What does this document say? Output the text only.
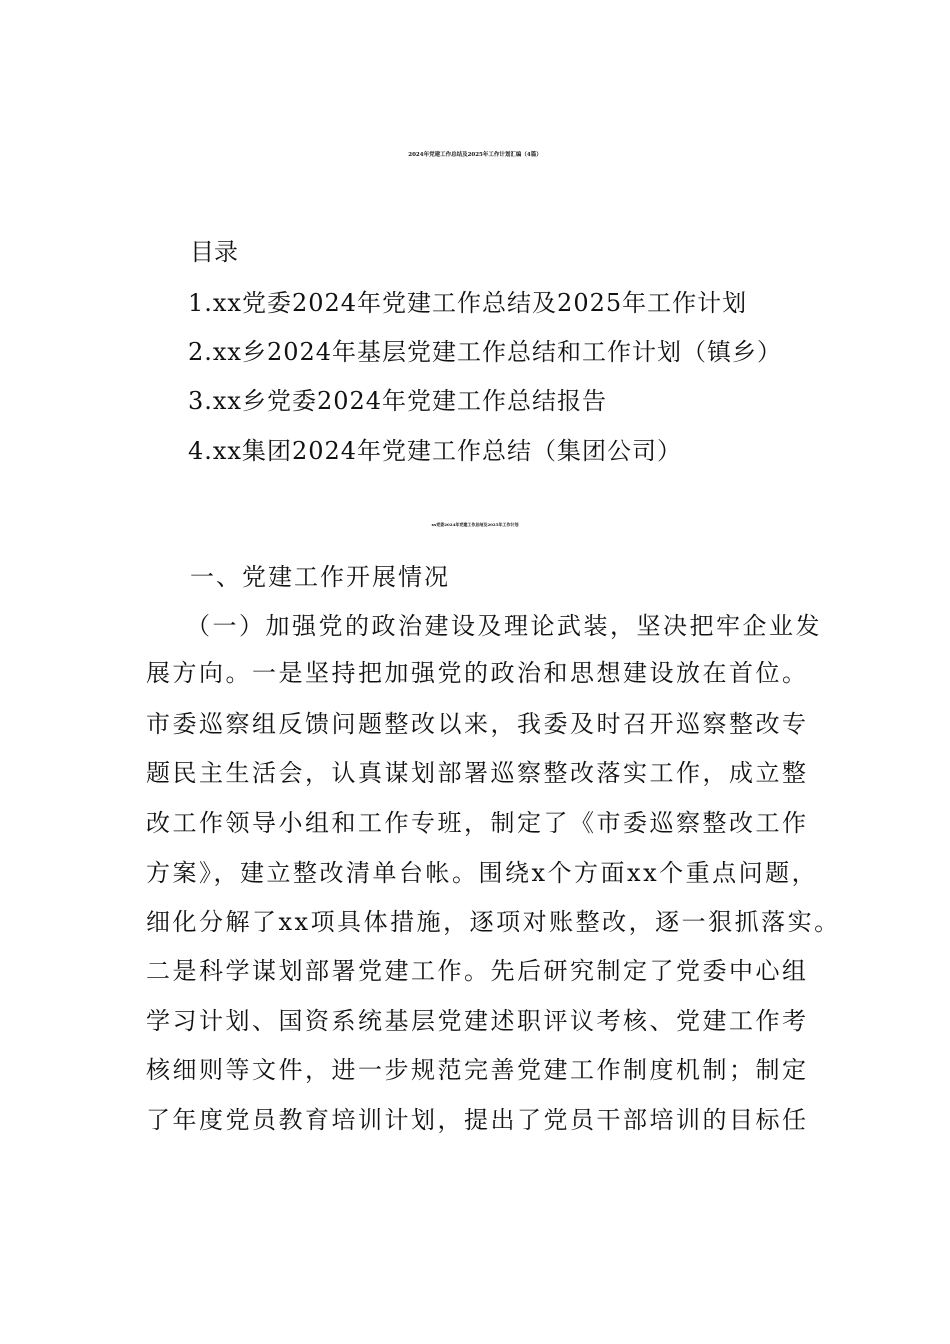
2024年党建工作总结及2025年工作计划汇编（4篇）
目录
1.xx党委2024年党建工作总结及2025年工作计划
2.xx乡2024年基层党建工作总结和工作计划（镇乡）
3.xx乡党委2024年党建工作总结报告
4.xx集团2024年党建工作总结（集团公司）
xx党委2024年党建工作总结及2025年工作计划
一、党建工作开展情况
（一）加强党的政治建设及理论武装，坚决把牢企业发
展方向。一是坚持把加强党的政治和思想建设放在首位。
市委巡察组反馈问题整改以来，我委及时召开巡察整改专
题民主生活会，认真谋划部署巡察整改落实工作，成立整
改工作领导小组和工作专班，制定了《市委巡察整改工作
方案》，建立整改清单台帐。围绕x个方面xx个重点问题，
细化分解了xx项具体措施，逐项对账整改，逐一狠抓落实。
二是科学谋划部署党建工作。先后研究制定了党委中心组
学习计划、国资系统基层党建述职评议考核、党建工作考
核细则等文件，进一步规范完善党建工作制度机制；制定
了年度党员教育培训计划，提出了党员干部培训的目标任
